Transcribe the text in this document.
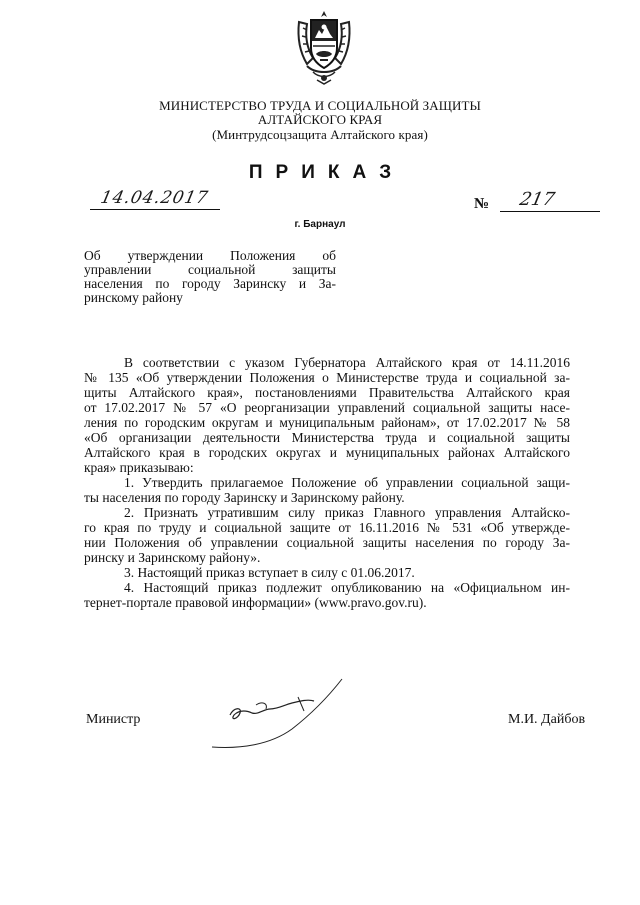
МИНИСТЕРСТВО ТРУДА И СОЦИАЛЬНОЙ ЗАЩИТЫ
АЛТАЙСКОГО КРАЯ
(Минтрудсоцзащита Алтайского края)
ПРИКАЗ
14.04.2017	№ 217
г. Барнаул
Об утверждении Положения об
управлении социальной защиты
населения по городу Заринску и За-
ринскому району
В соответствии с указом Губернатора Алтайского края от 14.11.2016
№ 135 «Об утверждении Положения о Министерстве труда и социальной за-
щиты Алтайского края», постановлениями Правительства Алтайского края
от 17.02.2017 № 57 «О реорганизации управлений социальной защиты насе-
ления по городским округам и муниципальным районам», от 17.02.2017 № 58
«Об организации деятельности Министерства труда и социальной защиты
Алтайского края в городских округах и муниципальных районах Алтайского
края» приказываю:
1. Утвердить прилагаемое Положение об управлении социальной защи-
ты населения по городу Заринску и Заринскому району.
2. Признать утратившим силу приказ Главного управления Алтайско-
го края по труду и социальной защите от 16.11.2016 № 531 «Об утвержде-
нии Положения об управлении социальной защиты населения по городу За-
ринску и Заринскому району».
3. Настоящий приказ вступает в силу с 01.06.2017.
4. Настоящий приказ подлежит опубликованию на «Официальном ин-
тернет-портале правовой информации» (www.pravo.gov.ru).
Министр	М.И. Дайбов
